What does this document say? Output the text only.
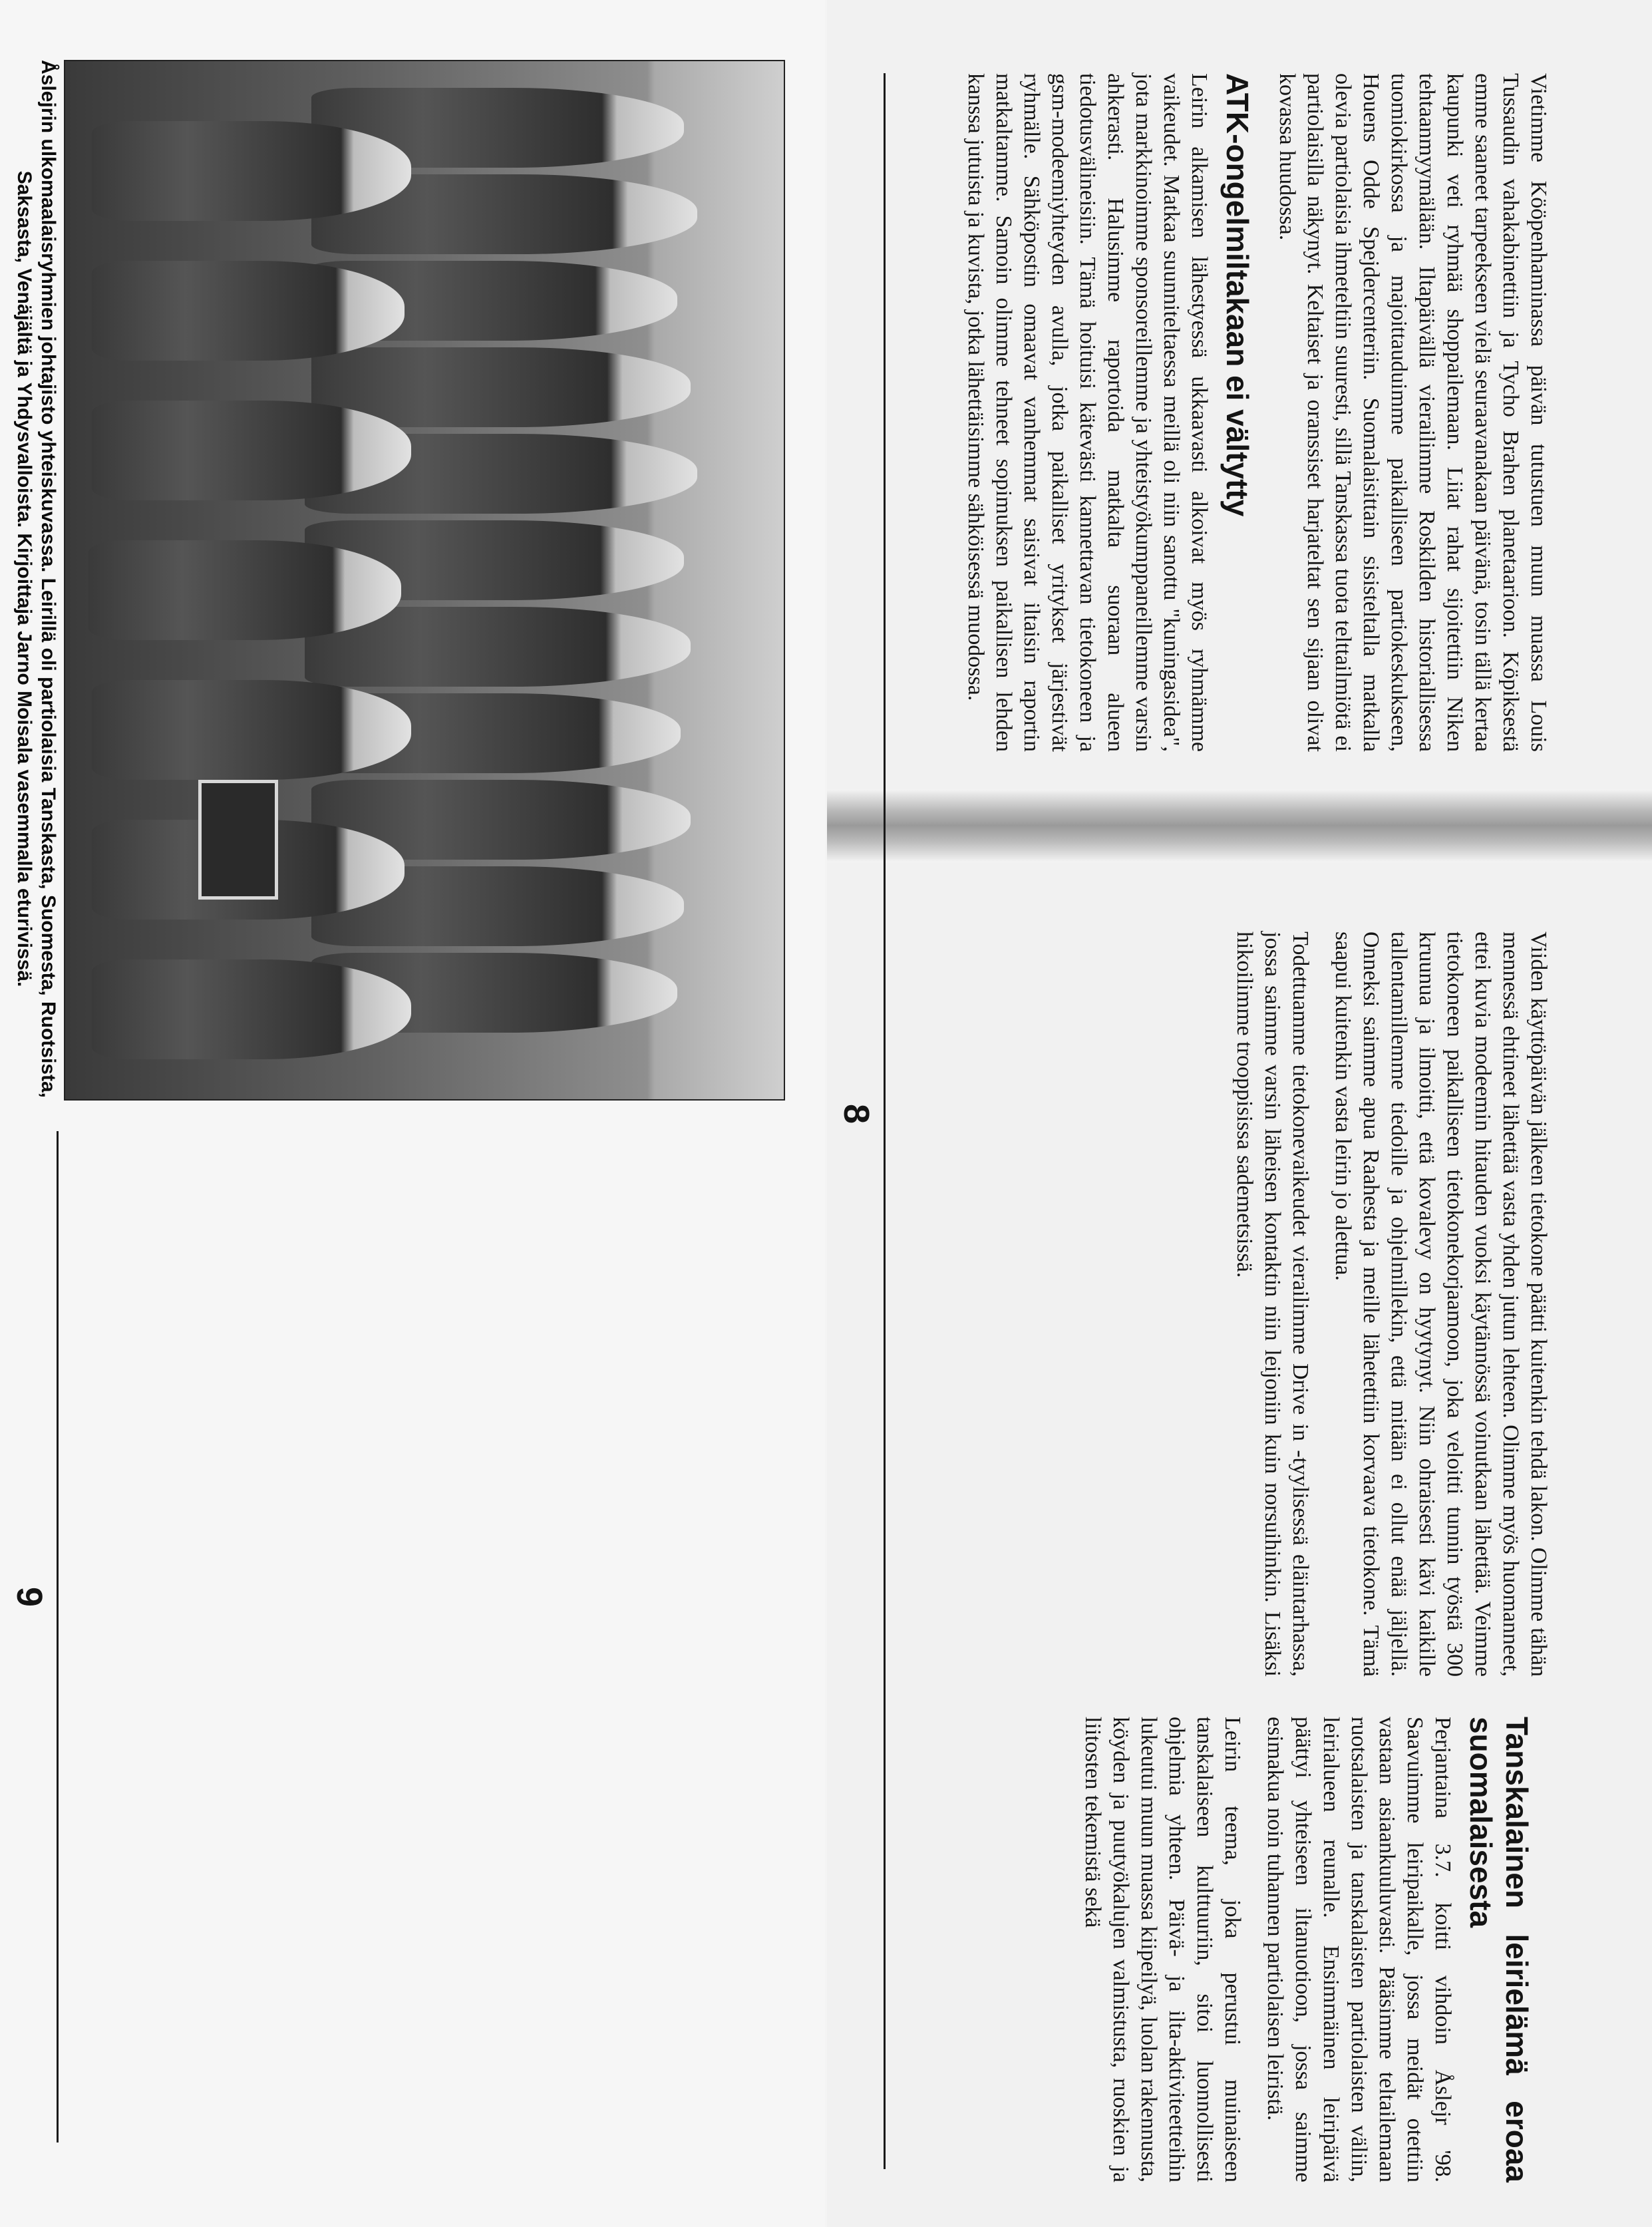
Vietimme Kööpenhaminassa päivän tutustuen muun muassa Louis Tussaudin vahakabinettiin ja Tycho Brahen planetaarioon. Köpiksestä emme saaneet tarpeekseen vielä seuraavanakaan päivänä, tosin tällä kertaa kaupunki veti ryhmää shoppailemaan. Liiat rahat sijoitettiin Niken tehtaanmyymälään. Iltapäivällä vierailimme Roskilden historiallisessa tuomiokirkossa ja majoittauduimme paikalliseen partiokeskukseen, Houens Odde Spejdercenteriin. Suomalaisittain sisisteltalla matkalla olevia partiolaisia ihmeteltiin suuresti, sillä Tanskassa tuota telttailmiötä ei partiolaisilla näkynyt. Keltaiset ja oranssiset harjateltat sen sijaan olivat kovassa huudossa.

ATK-ongelmiltakaan ei vältytty

Leirin alkamisen lähestyessä ukkaavasti alkoivat myös ryhmämme vaikeudet. Matkaa suunniteltaessa meillä oli niin sanottu "kuningasidea", jota markkinoimme sponsoreillemme ja yhteistyökumppaneillemme varsin ahkerasti. Halusimme raportoida matkalta suoraan alueen tiedotusvälineisiin. Tämä hoituisi kätevästi kannettavan tietokoneen ja gsm-modeemiyhteyden avulla, jotka paikalliset yritykset järjestivät ryhmälle. Sähköpostin omaavat vanhemmat saisivat iltaisin raportin matkaltamme. Samoin olimme tehneet sopimuksen paikallisen lehden kanssa jutuista ja kuvista, jotka lähettäisimme sähköisessä muodossa.

Viiden käyttöpäivän jälkeen tietokone päätti kuitenkin tehdä lakon. Olimme tähän mennessä ehtineet lähettää vasta yhden jutun lehteen. Olimme myös huomanneet, ettei kuvia modeemin hitauden vuoksi käytännössä voinutkaan lähettää. Veimme tietokoneen paikalliseen tietokonekorjaamoon, joka veloitti tunnin työstä 300 kruunua ja ilmoitti, että kovalevy on hyytynyt. Niin ohraisesti kävi kaikille tallentamillemme tiedoille ja ohjelmillekin, että mitään ei ollut enää jäljellä. Onneksi saimme apua Raahesta ja meille lähetettiin korvaava tietokone. Tämä saapui kuitenkin vasta leirin jo alettua.

Todettuamme tietokonevaikeudet vierailimme Drive in -tyylisessä eläintarhassa, jossa saimme varsin läheisen kontaktin niin leijoniin kuin norsuihinkin. Lisäksi hikoilimme trooppisissa sademetsissä.

Tanskalainen leirielämä eroaa suomalaisesta

Perjantaina 3.7. koitti vihdoin Åslejr '98. Saavuimme leiripaikalle, jossa meidät otettiin vastaan asiaankuuluvasti. Pääsimme teltailemaan ruotsalaisten ja tanskalaisten partiolaisten väliin, leirialueen reunalle. Ensimmäinen leiripäivä päättyi yhteiseen iltanuotioon, jossa saimme esimakua noin tuhannen partiolaisen leiristä.

Leirin teema, joka perustui muinaiseen tanskalaiseen kulttuuriin, sitoi luonnollisesti ohjelmia yhteen. Päivä- ja ilta-aktiviteetteihin lukeutui muun muassa kiipeilyä, luolan rakennusta, köyden ja puutyökalujen valmistusta, ruoskien ja liitosten tekemistä sekä

8
Åslejrin ulkomaalaisryhmien johtajisto yhteiskuvassa. Leirillä oli partiolaisia Tanskasta, Suomesta, Ruotsista, Saksasta, Venäjältä ja Yhdysvalloista. Kirjoittaja Jarno Moisala vasemmalla eturivissä.
9
